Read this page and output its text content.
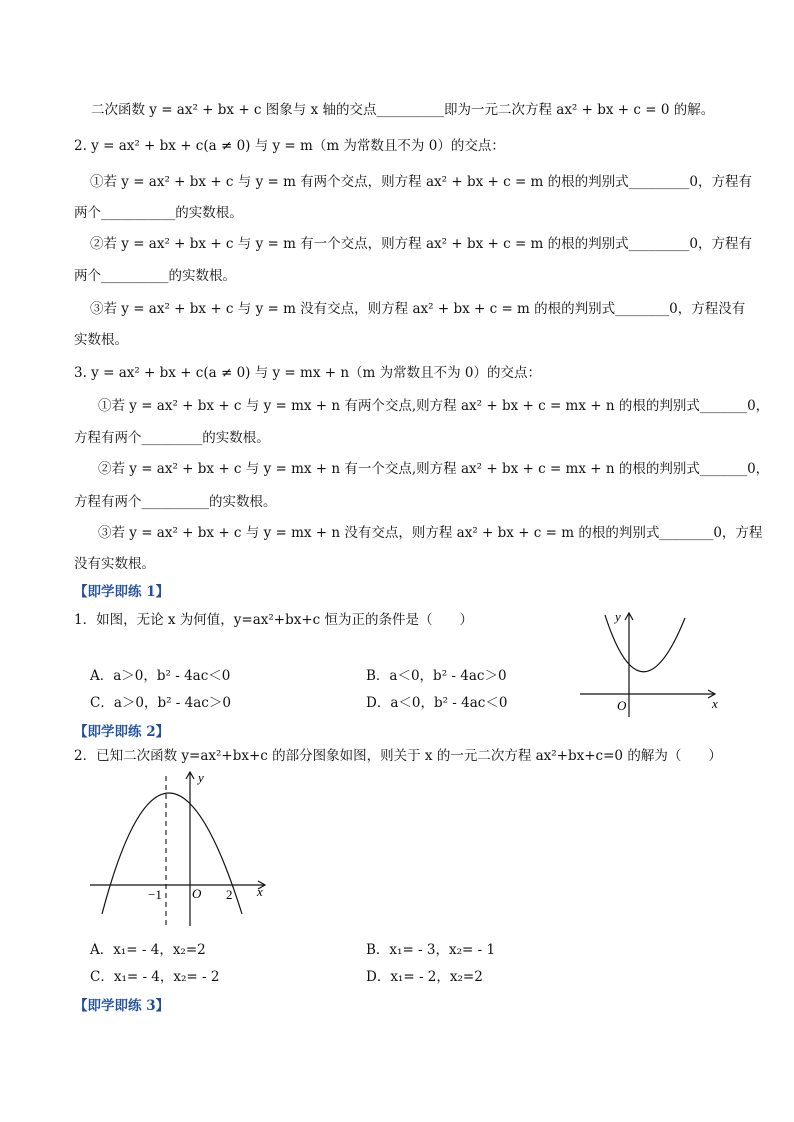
二次函数 y = ax² + bx + c 图象与 x 轴的交点__________即为一元二次方程 ax² + bx + c = 0 的解。
2. y = ax² + bx + c(a ≠ 0) 与 y = m（m 为常数且不为 0）的交点：
①若 y = ax² + bx + c 与 y = m 有两个交点，则方程 ax² + bx + c = m 的根的判别式_________0，方程有
两个___________的实数根。
②若 y = ax² + bx + c 与 y = m 有一个交点，则方程 ax² + bx + c = m 的根的判别式_________0，方程有
两个__________的实数根。
③若 y = ax² + bx + c 与 y = m 没有交点，则方程 ax² + bx + c = m 的根的判别式________0，方程没有
实数根。
3. y = ax² + bx + c(a ≠ 0) 与 y = mx + n（m 为常数且不为 0）的交点：
①若 y = ax² + bx + c 与 y = mx + n 有两个交点,则方程 ax² + bx + c = mx + n 的根的判别式_______0，
方程有两个_________的实数根。
②若 y = ax² + bx + c 与 y = mx + n 有一个交点,则方程 ax² + bx + c = mx + n 的根的判别式_______0，
方程有两个__________的实数根。
③若 y = ax² + bx + c 与 y = mx + n 没有交点，则方程 ax² + bx + c = m 的根的判别式________0，方程
没有实数根。
【即学即练 1】
1．如图，无论 x 为何值，y=ax²+bx+c 恒为正的条件是（　　）
A．a＞0，b² - 4ac＜0	B．a＜0，b² - 4ac＞0
C．a＞0，b² - 4ac＞0	D．a＜0，b² - 4ac＜0
y
x
O
【即学即练 2】
2．已知二次函数 y=ax²+bx+c 的部分图象如图，则关于 x 的一元二次方程 ax²+bx+c=0 的解为（　　）
y
x
O
−1	2
A．x₁= - 4，x₂=2	B．x₁= - 3，x₂= - 1
C．x₁= - 4，x₂= - 2	D．x₁= - 2，x₂=2
【即学即练 3】
